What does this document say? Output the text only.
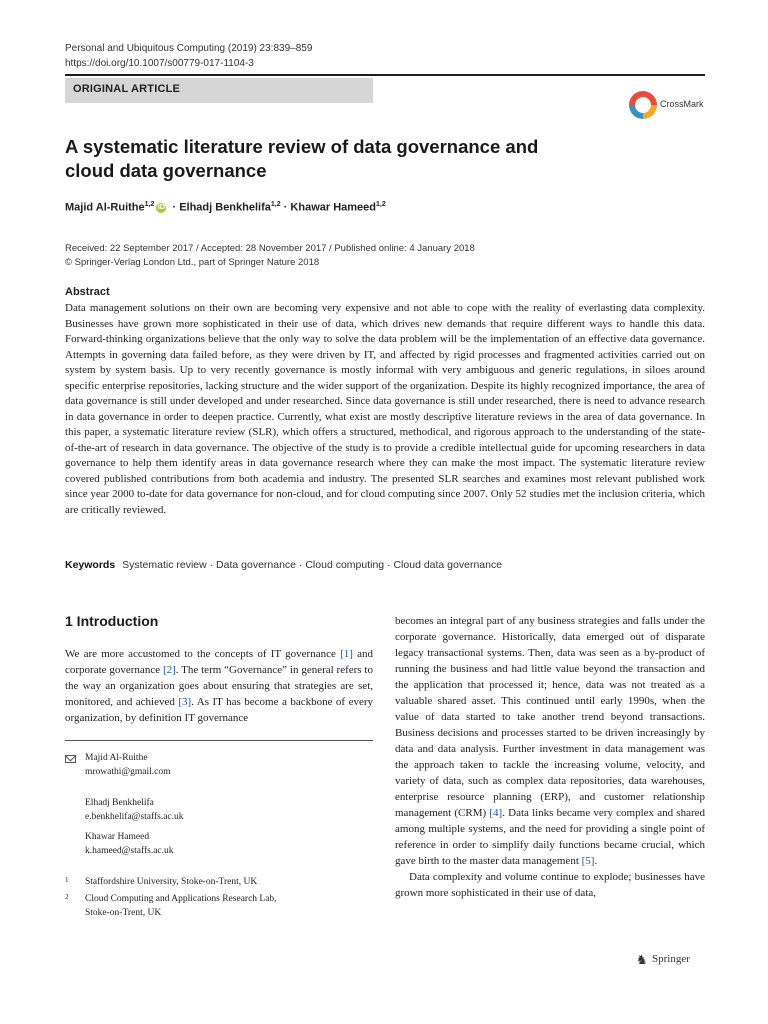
Personal and Ubiquitous Computing (2019) 23:839–859
https://doi.org/10.1007/s00779-017-1104-3
ORIGINAL ARTICLE
CrossMark
A systematic literature review of data governance and cloud data governance
Majid Al-Ruithe$^{1,2}$ iD · Elhadj Benkhelifa$^{1,2}$ · Khawar Hameed$^{1,2}$
Received: 22 September 2017 / Accepted: 28 November 2017 / Published online: 4 January 2018
© Springer-Verlag London Ltd., part of Springer Nature 2018
Abstract
Data management solutions on their own are becoming very expensive and not able to cope with the reality of everlasting data complexity. Businesses have grown more sophisticated in their use of data, which drives new demands that require different ways to handle this data. Forward-thinking organizations believe that the only way to solve the data problem will be the implementation of an effective data governance. Attempts in governing data failed before, as they were driven by IT, and affected by rigid processes and fragmented activities carried out on system by system basis. Up to very recently governance is mostly informal with very ambiguous and generic regulations, in siloes around specific enterprise repositories, lacking structure and the wider support of the organization. Despite its highly recognized importance, the area of data governance is still under developed and under researched. Since data governance is still under researched, there is need to advance research in data governance in order to deepen practice. Currently, what exist are mostly descriptive literature reviews in the area of data governance. In this paper, a systematic literature review (SLR), which offers a structured, methodical, and rigorous approach to the understanding of the state-of-the-art of research in data governance. The objective of the study is to provide a credible intellectual guide for upcoming researchers in data governance to help them identify areas in data governance research where they can make the most impact. The systematic literature review covered published contributions from both academia and industry. The presented SLR searches and examines most relevant published work since year 2000 to-date for data governance for non-cloud, and for cloud computing since 2007. Only 52 studies met the inclusion criteria, which are critically reviewed.
Keywords Systematic review · Data governance · Cloud computing · Cloud data governance
1 Introduction
We are more accustomed to the concepts of IT governance [1] and corporate governance [2]. The term “Governance” in general refers to the way an organization goes about ensuring that strategies are set, monitored, and achieved [3]. As IT has become a backbone of every organization, by definition IT governance

becomes an integral part of any business strategies and falls under the corporate governance. Historically, data emerged out of disparate legacy transactional systems. Then, data was seen as a by-product of running the business and had little value beyond the transaction and the application that processed it; hence, data was not treated as a valuable shared asset. This continued until early 1990s, when the value of data started to take another trend beyond transactions. Business decisions and processes started to be driven increasingly by data and data analysis. Further investment in data management was the approach taken to tackle the increasing volume, velocity, and variety of data, such as complex data repositories, data warehouses, enterprise resource planning (ERP), and customer relationship management (CRM) [4]. Data links became very complex and shared among multiple systems, and the need for providing a single point of reference in order to simplify daily functions became crucial, which gave birth to the master data management [5].

Data complexity and volume continue to explode; businesses have grown more sophisticated in their use of data,

Majid Al-Ruithe
mrowathi@gmail.com
Elhadj Benkhelifa
e.benkhelifa@staffs.ac.uk
Khawar Hameed
k.hameed@staffs.ac.uk
1 Staffordshire University, Stoke-on-Trent, UK
2 Cloud Computing and Applications Research Lab,
Stoke-on-Trent, UK
♞ Springer
